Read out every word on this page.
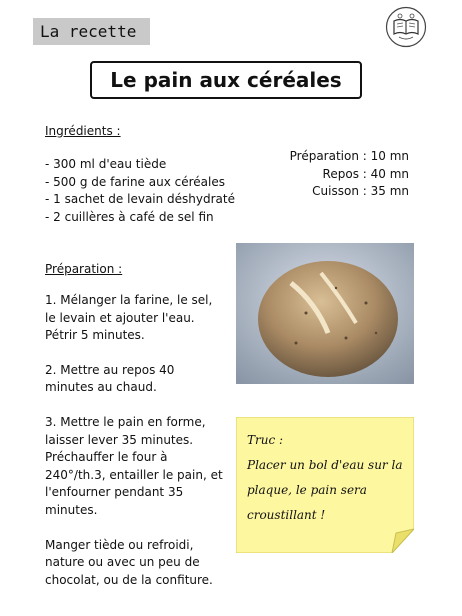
La recette
Le pain aux céréales
Ingrédients :
- 300 ml d'eau tiède
- 500 g de farine aux céréales
- 1 sachet de levain déshydraté
- 2 cuillères à café de sel fin
Préparation : 10 mn
Repos : 40 mn
Cuisson : 35 mn
Préparation :

1. Mélanger la farine, le sel, le levain et ajouter l'eau. Pétrir 5 minutes.

2. Mettre au repos 40 minutes au chaud.

3. Mettre le pain en forme, laisser lever 35 minutes. Préchauffer le four à 240°/th.3, entailler le pain, et l'enfourner pendant 35 minutes.

Manger tiède ou refroidi, nature ou avec un peu de chocolat, ou de la confiture.

Truc :
Placer un bol d'eau sur la plaque, le pain sera croustillant !
